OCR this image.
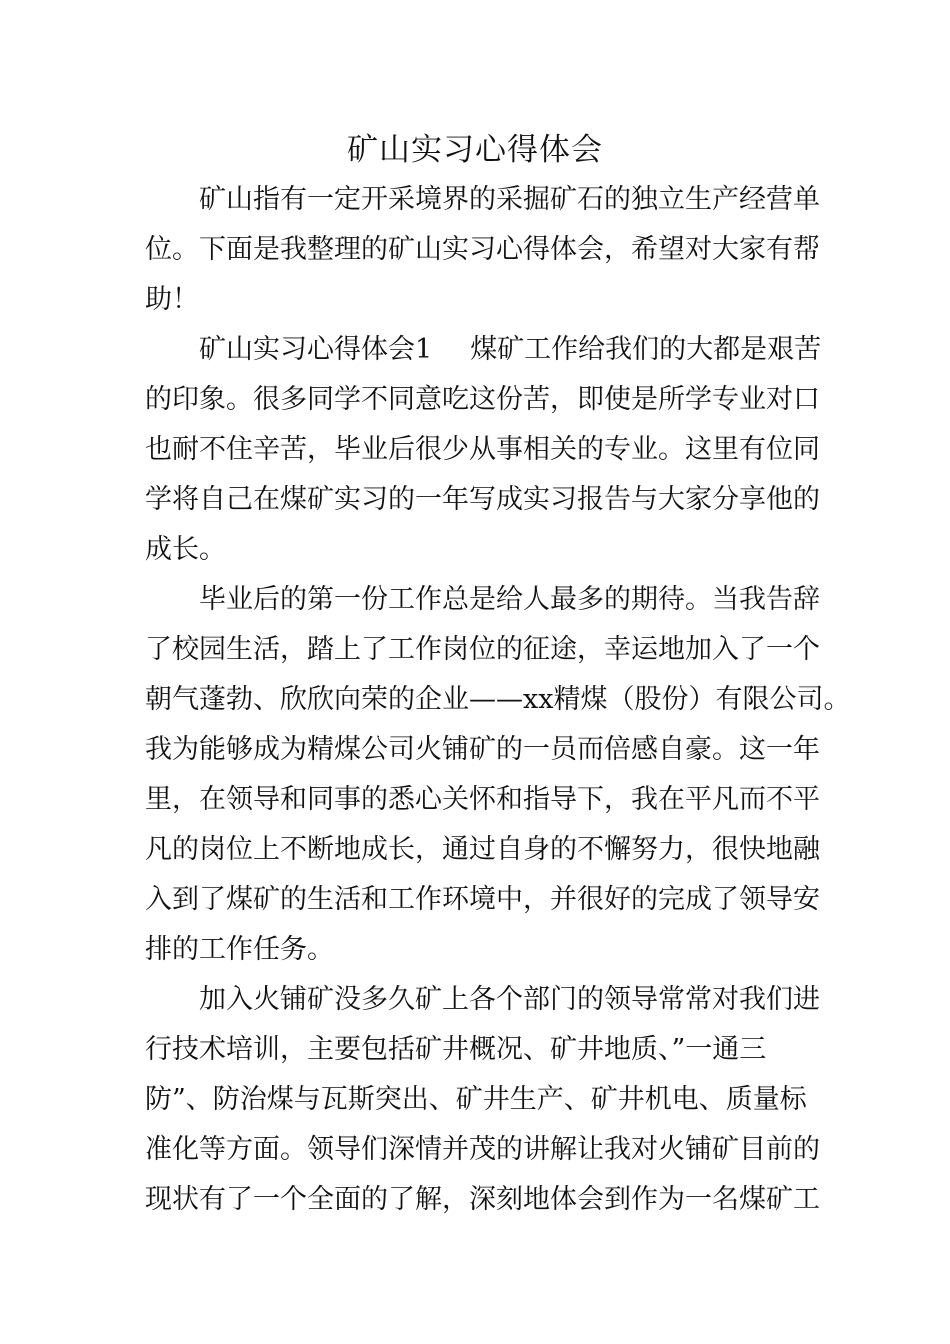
矿山实习心得体会

矿山指有一定开采境界的采掘矿石的独立生产经营单

位。下面是我整理的矿山实习心得体会，希望对大家有帮

助！

矿山实习心得体会1 煤矿工作给我们的大都是艰苦

的印象。很多同学不同意吃这份苦，即使是所学专业对口

也耐不住辛苦，毕业后很少从事相关的专业。这里有位同

学将自己在煤矿实习的一年写成实习报告与大家分享他的

成长。

毕业后的第一份工作总是给人最多的期待。当我告辞

了校园生活，踏上了工作岗位的征途，幸运地加入了一个

朝气蓬勃、欣欣向荣的企业——xx精煤（股份）有限公司。

我为能够成为精煤公司火铺矿的一员而倍感自豪。这一年

里，在领导和同事的悉心关怀和指导下，我在平凡而不平

凡的岗位上不断地成长，通过自身的不懈努力，很快地融

入到了煤矿的生活和工作环境中，并很好的完成了领导安

排的工作任务。

加入火铺矿没多久矿上各个部门的领导常常对我们进

行技术培训，主要包括矿井概况、矿井地质、”一通三

防”、防治煤与瓦斯突出、矿井生产、矿井机电、质量标

准化等方面。领导们深情并茂的讲解让我对火铺矿目前的

现状有了一个全面的了解，深刻地体会到作为一名煤矿工
